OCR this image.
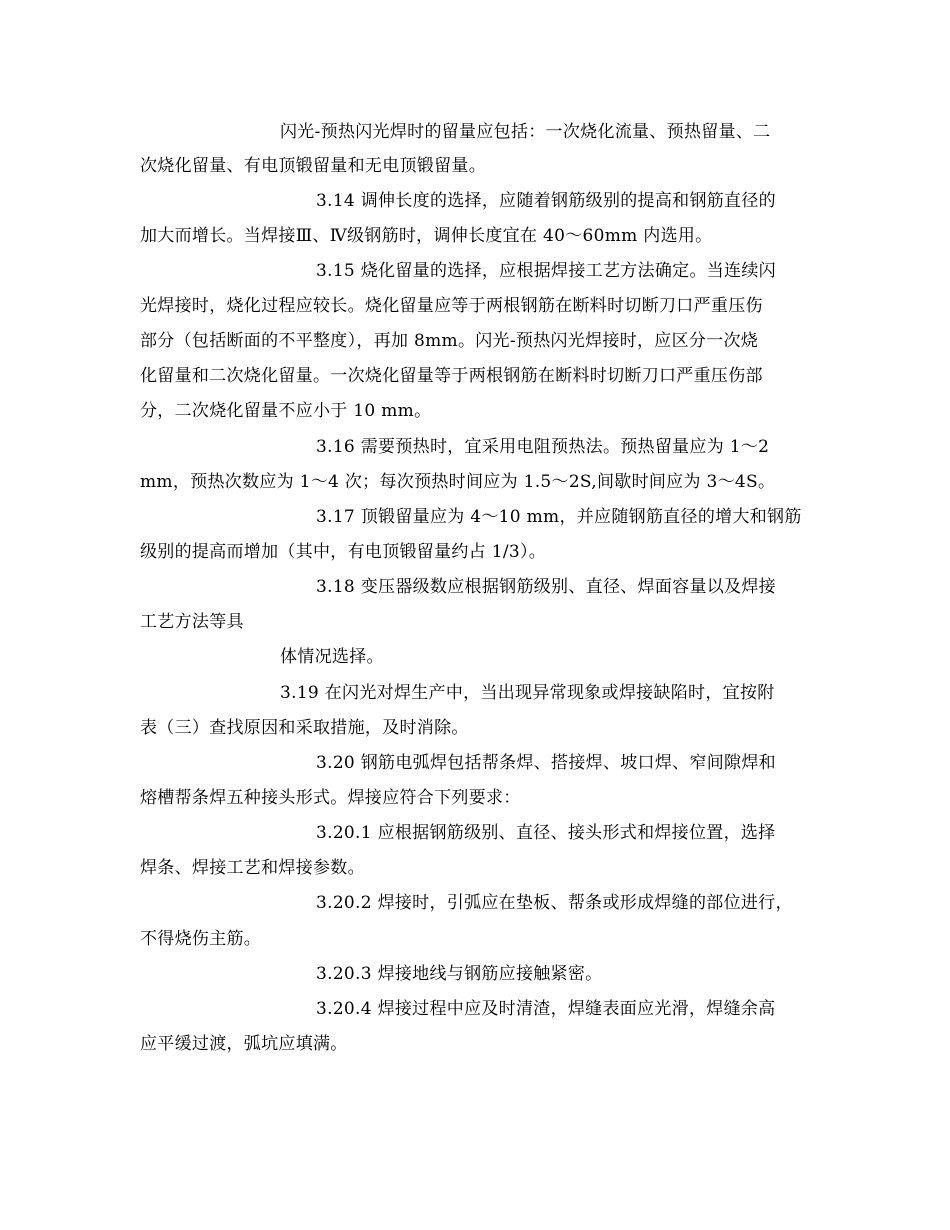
闪光-预热闪光焊时的留量应包括：一次烧化流量、预热留量、二
次烧化留量、有电顶锻留量和无电顶锻留量。
3.14 调伸长度的选择，应随着钢筋级别的提高和钢筋直径的
加大而增长。当焊接Ⅲ、Ⅳ级钢筋时，调伸长度宜在 40～60mm 内选用。
3.15 烧化留量的选择，应根据焊接工艺方法确定。当连续闪
光焊接时，烧化过程应较长。烧化留量应等于两根钢筋在断料时切断刀口严重压伤
部分（包括断面的不平整度），再加 8mm。闪光-预热闪光焊接时，应区分一次烧
化留量和二次烧化留量。一次烧化留量等于两根钢筋在断料时切断刀口严重压伤部
分，二次烧化留量不应小于 10 mm。
3.16 需要预热时，宜采用电阻预热法。预热留量应为 1～2
mm，预热次数应为 1～4 次；每次预热时间应为 1.5～2S,间歇时间应为 3～4S。
3.17 顶锻留量应为 4～10 mm，并应随钢筋直径的增大和钢筋
级别的提高而增加（其中，有电顶锻留量约占 1/3）。
3.18 变压器级数应根据钢筋级别、直径、焊面容量以及焊接
工艺方法等具
体情况选择。
3.19 在闪光对焊生产中，当出现异常现象或焊接缺陷时，宜按附
表（三）查找原因和采取措施，及时消除。
3.20 钢筋电弧焊包括帮条焊、搭接焊、坡口焊、窄间隙焊和
熔槽帮条焊五种接头形式。焊接应符合下列要求：
3.20.1 应根据钢筋级别、直径、接头形式和焊接位置，选择
焊条、焊接工艺和焊接参数。
3.20.2 焊接时，引弧应在垫板、帮条或形成焊缝的部位进行，
不得烧伤主筋。
3.20.3 焊接地线与钢筋应接触紧密。
3.20.4 焊接过程中应及时清渣，焊缝表面应光滑，焊缝余高
应平缓过渡，弧坑应填满。
